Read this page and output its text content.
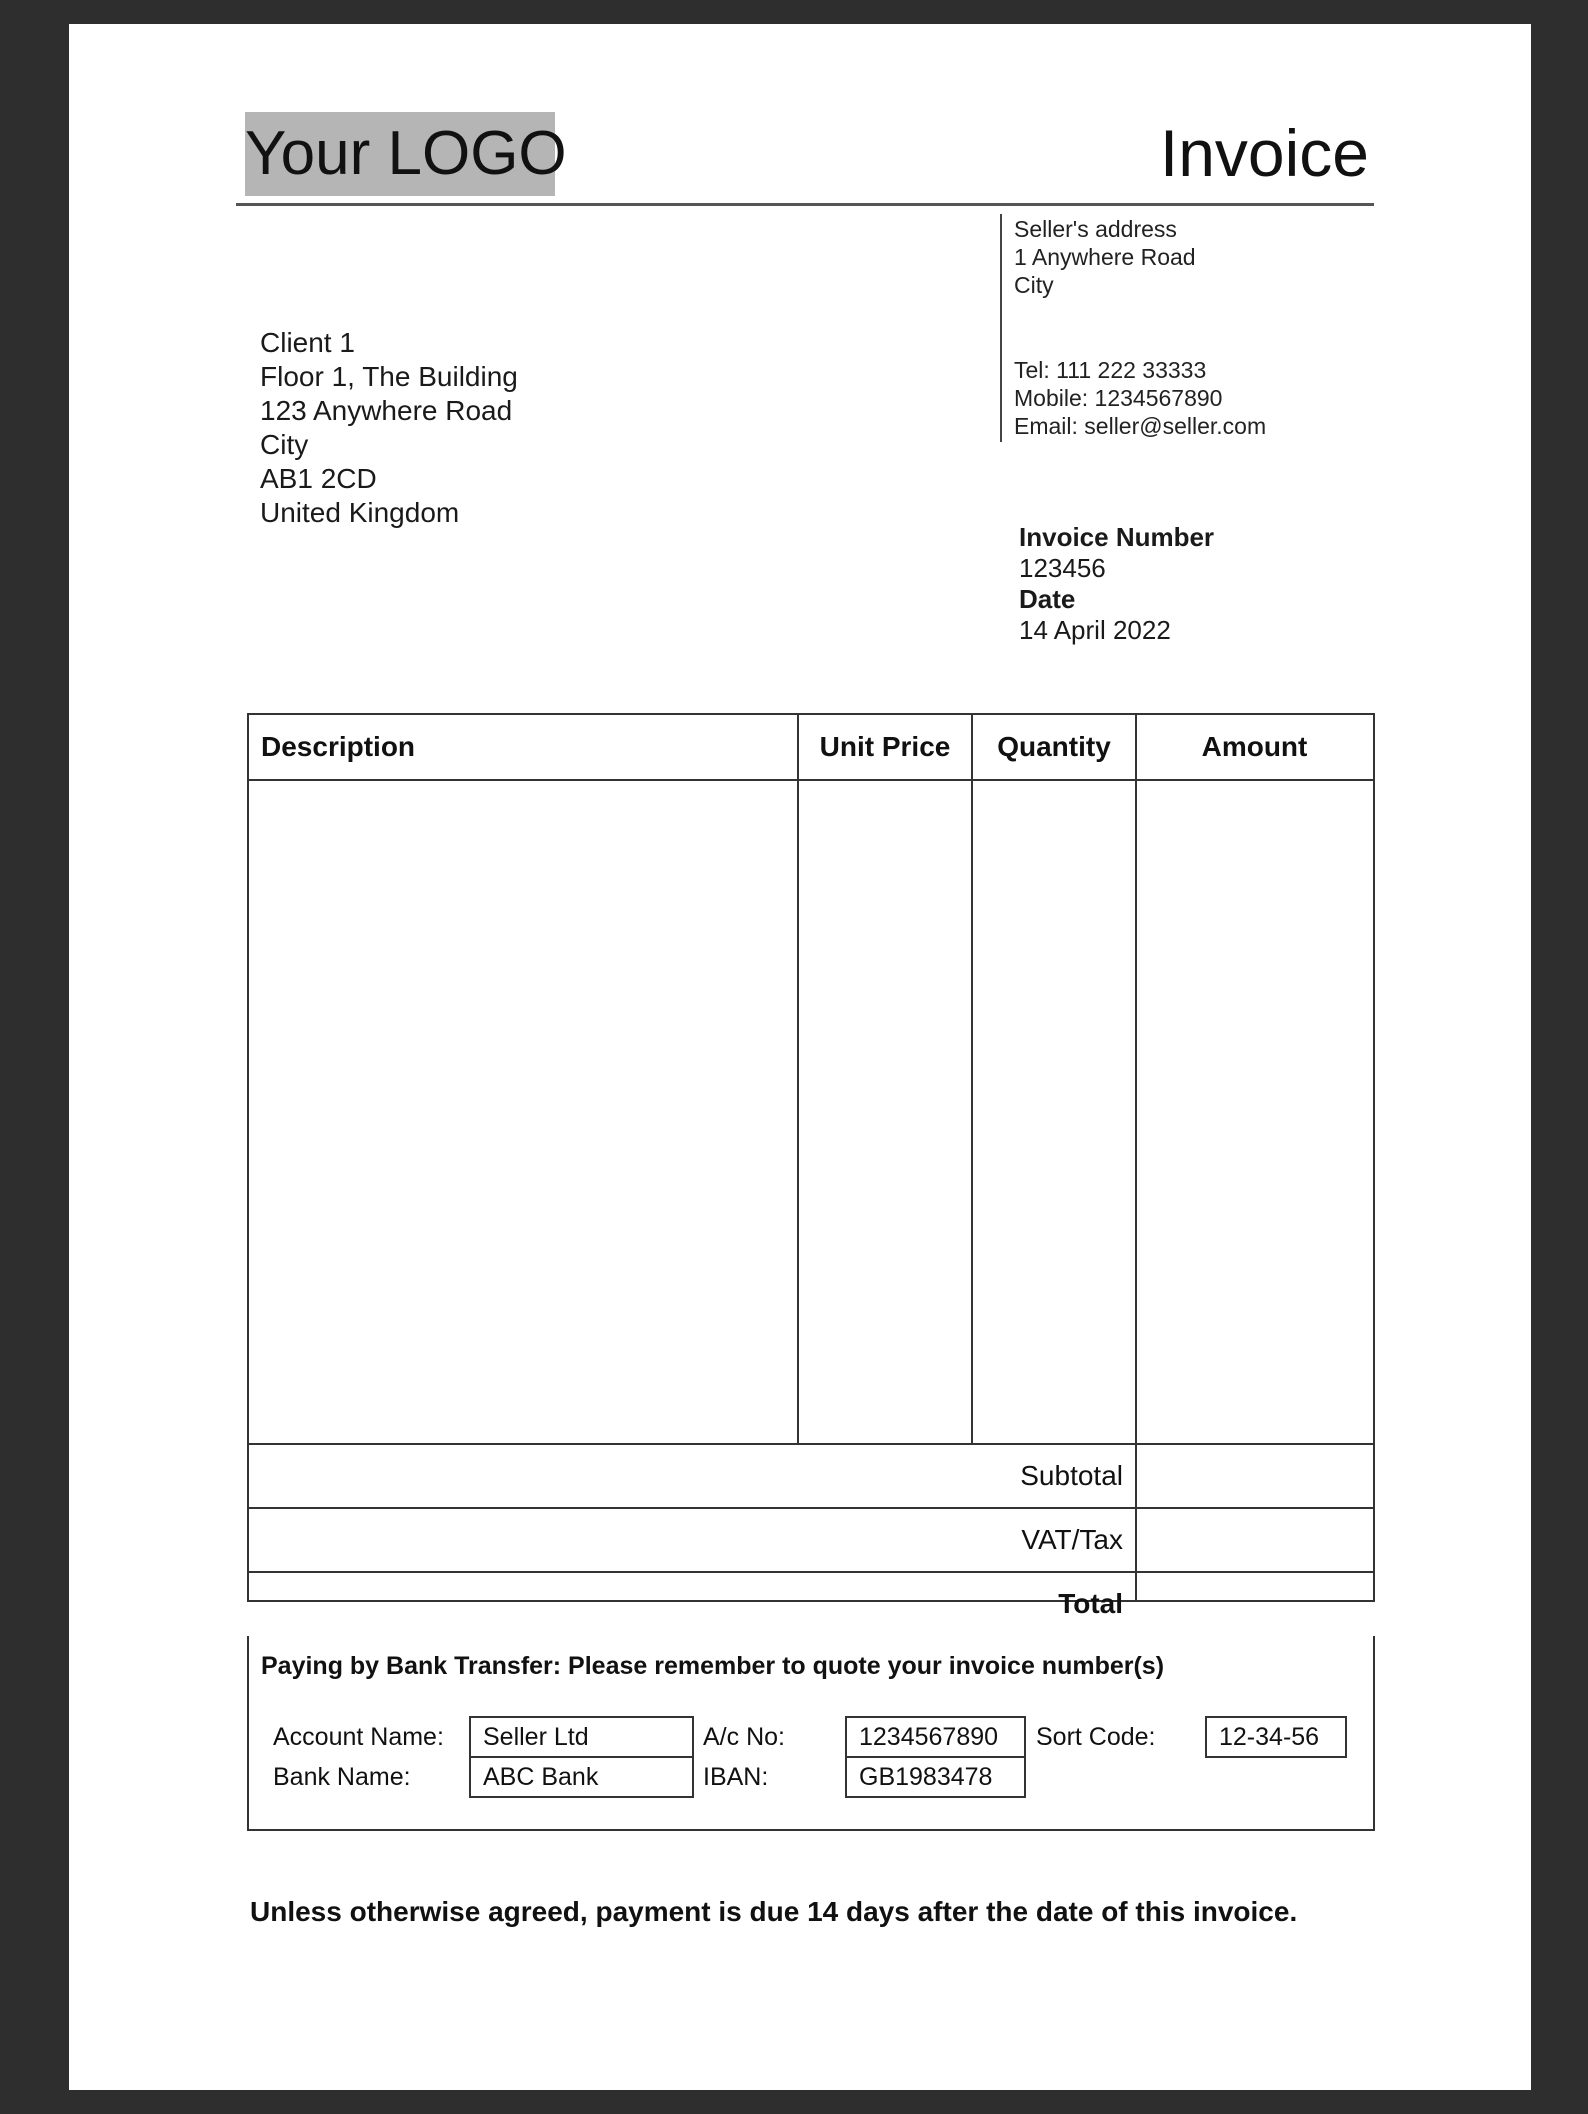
Your LOGO	Invoice
Seller's address
1 Anywhere Road
City
Tel: 111 222 33333
Mobile: 1234567890
Email: seller@seller.com
Client 1
Floor 1, The Building
123 Anywhere Road
City
AB1 2CD
United Kingdom
Invoice Number
123456
Date
14 April 2022
Description	Unit Price	Quantity	Amount
Subtotal
VAT/Tax
Total
Paying by Bank Transfer: Please remember to quote your invoice number(s)
Account Name:	Seller Ltd
Bank Name:	ABC Bank
A/c No:	1234567890
IBAN:	GB1983478
Sort Code:	12-34-56
Unless otherwise agreed, payment is due 14 days after the date of this invoice.
